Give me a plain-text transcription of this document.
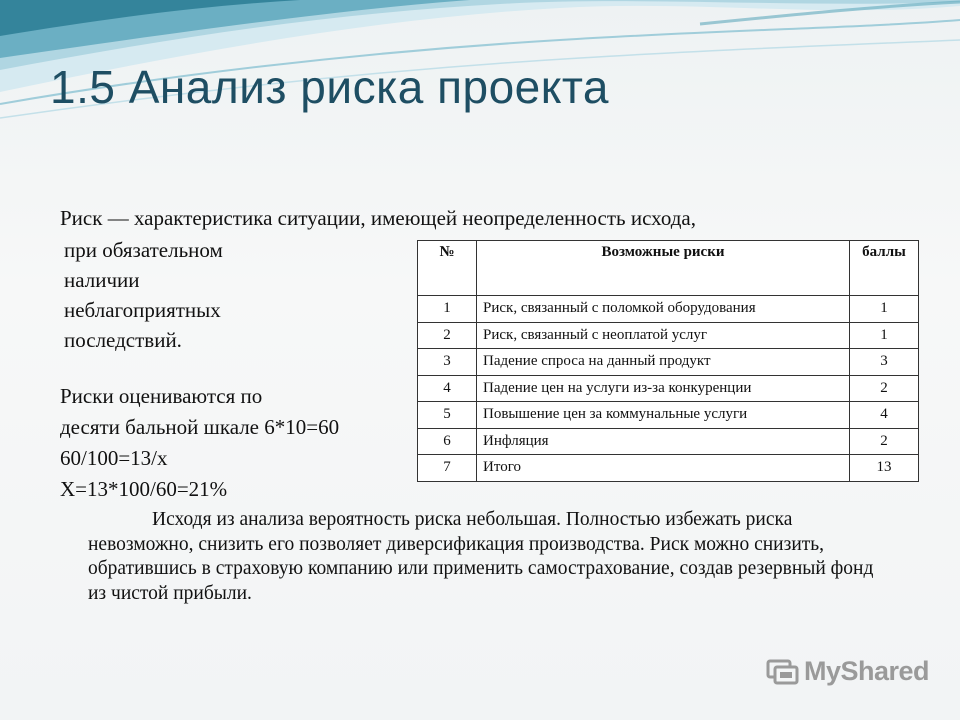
1.5 Анализ риска проекта
Риск — характеристика ситуации, имеющей неопределенность исхода,
при обязательном
наличии
неблагоприятных
последствий.
Риски оцениваются по
десяти бальной шкале 6*10=60
60/100=13/x
X=13*100/60=21%
№	Возможные риски	баллы
1	Риск, связанный с поломкой оборудования	1
2	Риск, связанный с неоплатой услуг	1
3	Падение спроса на данный продукт	3
4	Падение цен на услуги из-за конкуренции	2
5	Повышение цен за коммунальные услуги	4
6	Инфляция	2
7	Итого	13
Исходя из анализа вероятность риска небольшая. Полностью избежать риска невозможно, снизить его позволяет диверсификация производства. Риск можно снизить, обратившись в страховую компанию или применить самострахование, создав резервный фонд из чистой прибыли.
MyShared
